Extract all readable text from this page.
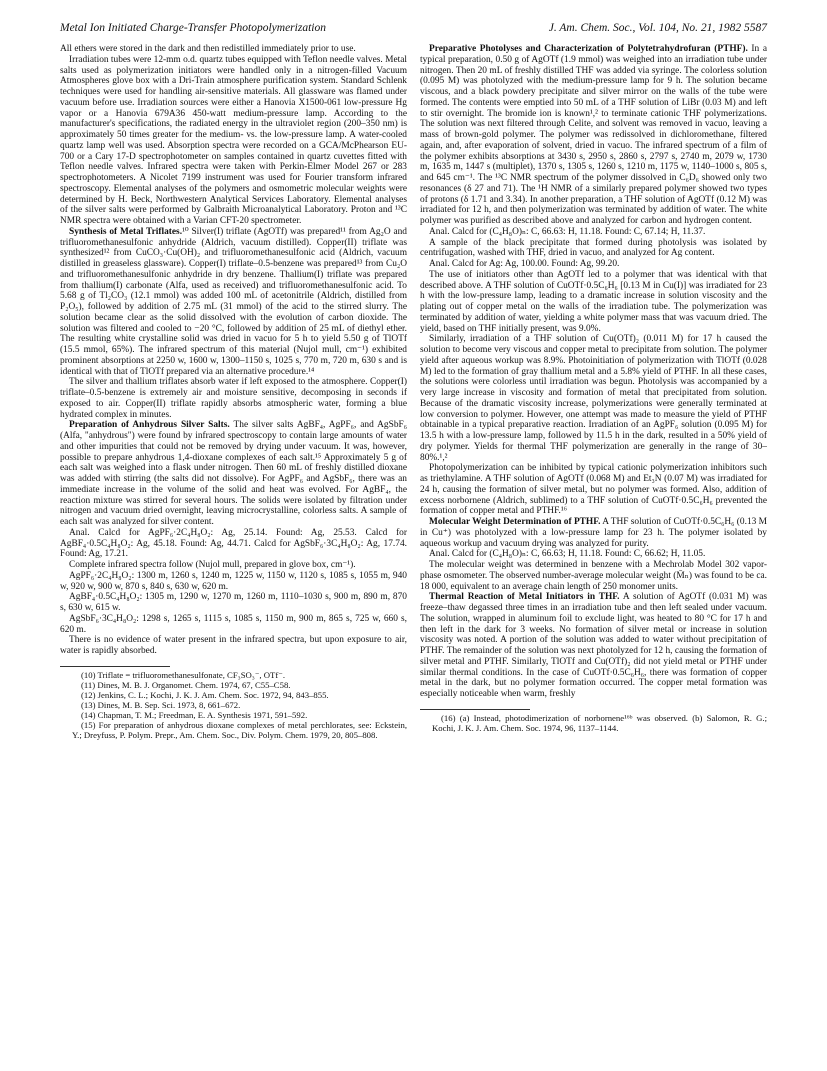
Metal Ion Initiated Charge-Transfer Photopolymerization	J. Am. Chem. Soc., Vol. 104, No. 21, 1982 5587

All ethers were stored in the dark and then redistilled immediately prior to use.

Irradiation tubes were 12-mm o.d. quartz tubes equipped with Teflon needle valves. Metal salts used as polymerization initiators were handled only in a nitrogen-filled Vacuum Atmospheres glove box with a Dri-Train atmosphere purification system. Standard Schlenk techniques were used for handling air-sensitive materials. All glassware was flamed under vacuum before use. Irradiation sources were either a Hanovia X1500-061 low-pressure Hg vapor or a Hanovia 679A36 450-watt medium-pressure lamp. According to the manufacturer's specifications, the radiated energy in the ultraviolet region (200–350 nm) is approximately 50 times greater for the medium- vs. the low-pressure lamp. A water-cooled quartz lamp well was used. Absorption spectra were recorded on a GCA/McPhearson EU-700 or a Cary 17-D spectrophotometer on samples contained in quartz cuvettes fitted with Teflon needle valves. Infrared spectra were taken with Perkin-Elmer Model 267 or 283 spectrophotometers. A Nicolet 7199 instrument was used for Fourier transform infrared spectroscopy. Elemental analyses of the polymers and osmometric molecular weights were determined by H. Beck, Northwestern Analytical Services Laboratory. Elemental analyses of the silver salts were performed by Galbraith Microanalytical Laboratory. Proton and ¹³C NMR spectra were obtained with a Varian CFT-20 spectrometer.

Synthesis of Metal Triflates.¹⁰ Silver(I) triflate (AgOTf) was prepared¹¹ from Ag₂O and trifluoromethanesulfonic anhydride (Aldrich, vacuum distilled). Copper(II) triflate was synthesized¹² from CuCO₃·Cu(OH)₂ and trifluoromethanesulfonic acid (Aldrich, vacuum distilled in greaseless glassware). Copper(I) triflate–0.5-benzene was prepared¹³ from Cu₂O and trifluoromethanesulfonic anhydride in dry benzene. Thallium(I) triflate was prepared from thallium(I) carbonate (Alfa, used as received) and trifluoromethanesulfonic acid. To 5.68 g of Tl₂CO₃ (12.1 mmol) was added 100 mL of acetonitrile (Aldrich, distilled from P₂O₅), followed by addition of 2.75 mL (31 mmol) of the acid to the stirred slurry. The solution became clear as the solid dissolved with the evolution of carbon dioxide. The solution was filtered and cooled to −20 °C, followed by addition of 25 mL of diethyl ether. The resulting white crystalline solid was dried in vacuo for 5 h to yield 5.50 g of TlOTf (15.5 mmol, 65%). The infrared spectrum of this material (Nujol mull, cm⁻¹) exhibited prominent absorptions at 2250 w, 1600 w, 1300–1150 s, 1025 s, 770 m, 720 m, 630 s and is identical with that of TlOTf prepared via an alternative procedure.¹⁴

The silver and thallium triflates absorb water if left exposed to the atmosphere. Copper(I) triflate–0.5-benzene is extremely air and moisture sensitive, decomposing in seconds if exposed to air. Copper(II) triflate rapidly absorbs atmospheric water, forming a blue hydrated complex in minutes.

Preparation of Anhydrous Silver Salts. The silver salts AgBF₄, AgPF₆, and AgSbF₆ (Alfa, "anhydrous") were found by infrared spectroscopy to contain large amounts of water and other impurities that could not be removed by drying under vacuum. It was, however, possible to prepare anhydrous 1,4-dioxane complexes of each salt.¹⁵ Approximately 5 g of each salt was weighed into a flask under nitrogen. Then 60 mL of freshly distilled dioxane was added with stirring (the salts did not dissolve). For AgPF₆ and AgSbF₆, there was an immediate increase in the volume of the solid and heat was evolved. For AgBF₄, the reaction mixture was stirred for several hours. The solids were isolated by filtration under nitrogen and vacuum dried overnight, leaving microcrystalline, colorless salts. A sample of each salt was analyzed for silver content.

Anal. Calcd for AgPF₆·2C₄H₈O₂: Ag, 25.14. Found: Ag, 25.53. Calcd for AgBF₄·0.5C₄H₈O₂: Ag, 45.18. Found: Ag, 44.71. Calcd for AgSbF₆·3C₄H₈O₂: Ag, 17.74. Found: Ag, 17.21.

Complete infrared spectra follow (Nujol mull, prepared in glove box, cm⁻¹).

AgPF₆·2C₄H₈O₂: 1300 m, 1260 s, 1240 m, 1225 w, 1150 w, 1120 s, 1085 s, 1055 m, 940 w, 920 w, 900 w, 870 s, 840 s, 630 w, 620 m.

AgBF₄·0.5C₄H₈O₂: 1305 m, 1290 w, 1270 m, 1260 m, 1110–1030 s, 900 m, 890 m, 870 s, 630 w, 615 w.

AgSbF₆·3C₄H₈O₂: 1298 s, 1265 s, 1115 s, 1085 s, 1150 m, 900 m, 865 s, 725 w, 660 s, 620 m.

There is no evidence of water present in the infrared spectra, but upon exposure to air, water is rapidly absorbed.

(10) Triflate = trifluoromethanesulfonate, CF₃SO₃⁻, OTf⁻.

(11) Dines, M. B. J. Organomet. Chem. 1974, 67, C55–C58.

(12) Jenkins, C. L.; Kochi, J. K. J. Am. Chem. Soc. 1972, 94, 843–855.

(13) Dines, M. B. Sep. Sci. 1973, 8, 661–672.

(14) Chapman, T. M.; Freedman, E. A. Synthesis 1971, 591–592.

(15) For preparation of anhydrous dioxane complexes of metal perchlorates, see: Eckstein, Y.; Dreyfuss, P. Polym. Prepr., Am. Chem. Soc., Div. Polym. Chem. 1979, 20, 805–808.

Preparative Photolyses and Characterization of Polytetrahydrofuran (PTHF). In a typical preparation, 0.50 g of AgOTf (1.9 mmol) was weighed into an irradiation tube under nitrogen. Then 20 mL of freshly distilled THF was added via syringe. The colorless solution (0.095 M) was photolyzed with the medium-pressure lamp for 9 h. The solution became viscous, and a black powdery precipitate and silver mirror on the walls of the tube were formed. The contents were emptied into 50 mL of a THF solution of LiBr (0.03 M) and left to stir overnight. The bromide ion is known¹,² to terminate cationic THF polymerizations. The solution was next filtered through Celite, and solvent was removed in vacuo, leaving a mass of brown-gold polymer. The polymer was redissolved in dichloromethane, filtered again, and, after evaporation of solvent, dried in vacuo. The infrared spectrum of a film of the polymer exhibits absorptions at 3430 s, 2950 s, 2860 s, 2797 s, 2740 m, 2079 w, 1730 m, 1635 m, 1447 s (multiplet), 1370 s, 1305 s, 1260 s, 1210 m, 1175 w, 1140–1000 s, 805 s, and 645 cm⁻¹. The ¹³C NMR spectrum of the polymer dissolved in C₆D₆ showed only two resonances (δ 27 and 71). The ¹H NMR of a similarly prepared polymer showed two types of protons (δ 1.71 and 3.34). In another preparation, a THF solution of AgOTf (0.12 M) was irradiated for 12 h, and then polymerization was terminated by addition of water. The white polymer was purified as described above and analyzed for carbon and hydrogen content.

Anal. Calcd for (C₄H₈O)ₙ: C, 66.63: H, 11.18. Found: C, 67.14; H, 11.37.

A sample of the black precipitate that formed during photolysis was isolated by centrifugation, washed with THF, dried in vacuo, and analyzed for Ag content.

Anal. Calcd for Ag: Ag, 100.00. Found: Ag, 99.20.

The use of initiators other than AgOTf led to a polymer that was identical with that described above. A THF solution of CuOTf·0.5C₆H₆ [0.13 M in Cu(I)] was irradiated for 23 h with the low-pressure lamp, leading to a dramatic increase in solution viscosity and the plating out of copper metal on the walls of the irradiation tube. The polymerization was terminated by addition of water, yielding a white polymer mass that was vacuum dried. The yield, based on THF initially present, was 9.0%.

Similarly, irradiation of a THF solution of Cu(OTf)₂ (0.011 M) for 17 h caused the solution to become very viscous and copper metal to precipitate from solution. The polymer yield after aqueous workup was 8.9%. Photoinitiation of polymerization with TlOTf (0.028 M) led to the formation of gray thallium metal and a 5.8% yield of PTHF. In all these cases, the solutions were colorless until irradiation was begun. Photolysis was accompanied by a very large increase in viscosity and formation of metal that precipitated from solution. Because of the dramatic viscosity increase, polymerizations were generally terminated at low conversion to polymer. However, one attempt was made to measure the yield of PTHF obtainable in a typical preparative reaction. Irradiation of an AgPF₆ solution (0.095 M) for 13.5 h with a low-pressure lamp, followed by 11.5 h in the dark, resulted in a 50% yield of dry polymer. Yields for thermal THF polymerization are generally in the range of 30–80%.¹,²

Photopolymerization can be inhibited by typical cationic polymerization inhibitors such as triethylamine. A THF solution of AgOTf (0.068 M) and Et₃N (0.07 M) was irradiated for 24 h, causing the formation of silver metal, but no polymer was formed. Also, addition of excess norbornene (Aldrich, sublimed) to a THF solution of CuOTf·0.5C₆H₆ prevented the formation of copper metal and PTHF.¹⁶

Molecular Weight Determination of PTHF. A THF solution of CuOTf·0.5C₆H₆ (0.13 M in Cu⁺) was photolyzed with a low-pressure lamp for 23 h. The polymer isolated by aqueous workup and vacuum drying was analyzed for purity.

Anal. Calcd for (C₄H₈O)ₙ: C, 66.63; H, 11.18. Found: C, 66.62; H, 11.05.

The molecular weight was determined in benzene with a Mechrolab Model 302 vapor-phase osmometer. The observed number-average molecular weight (M̄ₙ) was found to be ca. 18 000, equivalent to an average chain length of 250 monomer units.

Thermal Reaction of Metal Initiators in THF. A solution of AgOTf (0.031 M) was freeze–thaw degassed three times in an irradiation tube and then left sealed under vacuum. The solution, wrapped in aluminum foil to exclude light, was heated to 80 °C for 17 h and then left in the dark for 3 weeks. No formation of silver metal or increase in solution viscosity was noted. A portion of the solution was added to water without precipitation of PTHF. The remainder of the solution was next photolyzed for 12 h, causing the formation of silver metal and PTHF. Similarly, TlOTf and Cu(OTf)₂ did not yield metal or PTHF under similar thermal conditions. In the case of CuOTf·0.5C₆H₆, there was formation of copper metal in the dark, but no polymer formation occurred. The copper metal formation was especially noticeable when warm, freshly

(16) (a) Instead, photodimerization of norbornene¹⁶ᵇ was observed. (b) Salomon, R. G.; Kochi, J. K. J. Am. Chem. Soc. 1974, 96, 1137–1144.
